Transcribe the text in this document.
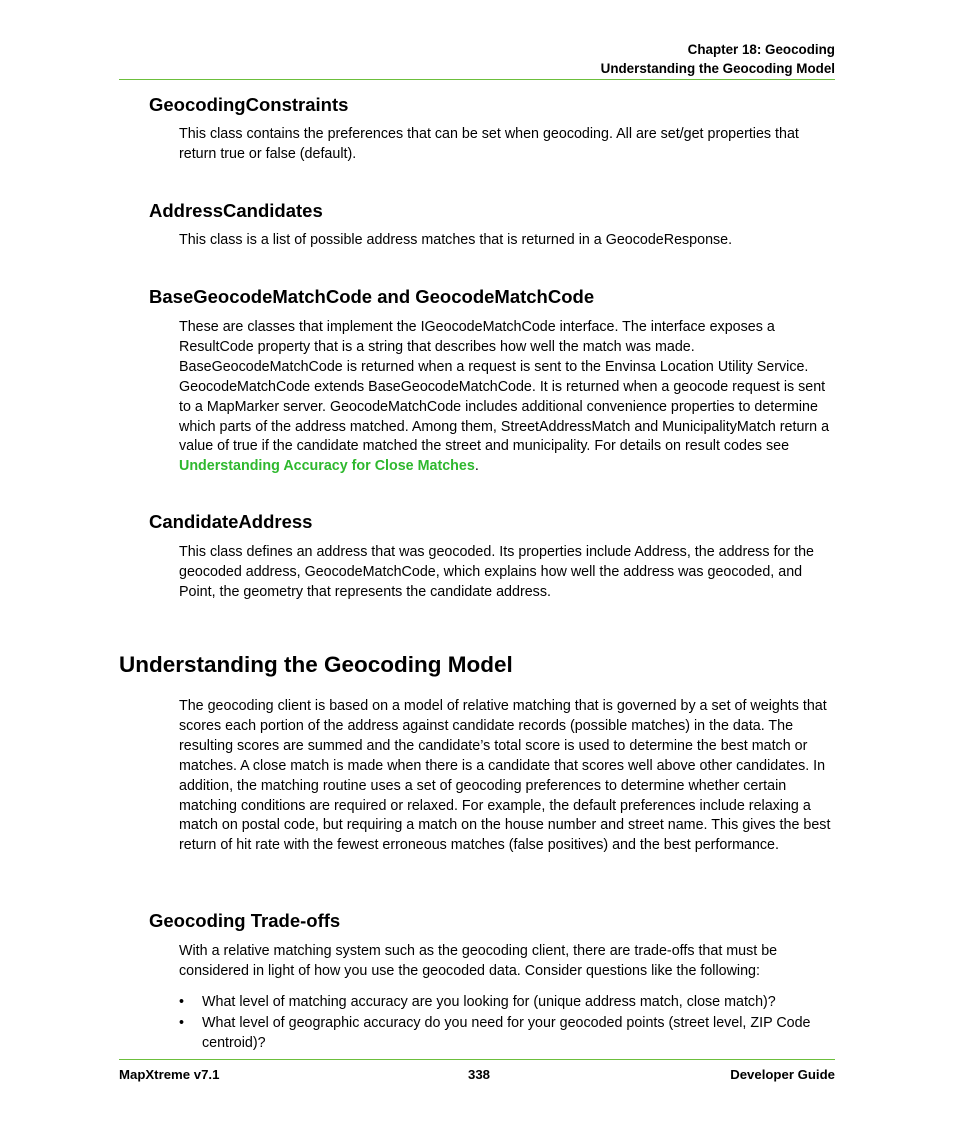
Chapter 18: Geocoding
Understanding the Geocoding Model
GeocodingConstraints
This class contains the preferences that can be set when geocoding. All are set/get properties that return true or false (default).
AddressCandidates
This class is a list of possible address matches that is returned in a GeocodeResponse.
BaseGeocodeMatchCode and GeocodeMatchCode
These are classes that implement the IGeocodeMatchCode interface. The interface exposes a ResultCode property that is a string that describes how well the match was made. BaseGeocodeMatchCode is returned when a request is sent to the Envinsa Location Utility Service. GeocodeMatchCode extends BaseGeocodeMatchCode. It is returned when a geocode request is sent to a MapMarker server. GeocodeMatchCode includes additional convenience properties to determine which parts of the address matched. Among them, StreetAddressMatch and MunicipalityMatch return a value of true if the candidate matched the street and municipality. For details on result codes see Understanding Accuracy for Close Matches.
CandidateAddress
This class defines an address that was geocoded. Its properties include Address, the address for the geocoded address, GeocodeMatchCode, which explains how well the address was geocoded, and Point, the geometry that represents the candidate address.
Understanding the Geocoding Model
The geocoding client is based on a model of relative matching that is governed by a set of weights that scores each portion of the address against candidate records (possible matches) in the data. The resulting scores are summed and the candidate’s total score is used to determine the best match or matches. A close match is made when there is a candidate that scores well above other candidates. In addition, the matching routine uses a set of geocoding preferences to determine whether certain matching conditions are required or relaxed. For example, the default preferences include relaxing a match on postal code, but requiring a match on the house number and street name. This gives the best return of hit rate with the fewest erroneous matches (false positives) and the best performance.
Geocoding Trade-offs
With a relative matching system such as the geocoding client, there are trade-offs that must be considered in light of how you use the geocoded data. Consider questions like the following:
• What level of matching accuracy are you looking for (unique address match, close match)?
• What level of geographic accuracy do you need for your geocoded points (street level, ZIP Code centroid)?
MapXtreme v7.1	338	Developer Guide
